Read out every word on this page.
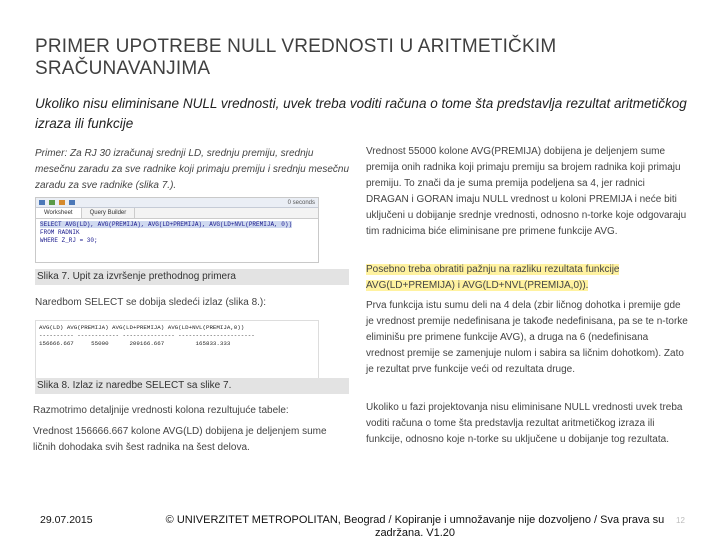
PRIMER UPOTREBE NULL VREDNOSTI U ARITMETIČKIM SRAČUNAVANJIMA
Ukoliko nisu eliminisane NULL vrednosti, uvek treba voditi računa o tome šta predstavlja rezultat aritmetičkog izraza ili funkcije

Primer: Za RJ 30 izračunaj srednji LD, srednju premiju, srednju mesečnu zaradu za sve radnike koji primaju premiju i srednju mesečnu zaradu za sve radnike (slika 7.).

0 seconds
Worksheet	Query Builder
SELECT AVG(LD), AVG(PREMIJA), AVG(LD+PREMIJA), AVG(LD+NVL(PREMIJA, 0))
FROM RADNIK
WHERE Z_RJ = 30;
Slika 7. Upit za izvršenje prethodnog primera

Naredbom SELECT se dobija sledeći izlaz (slika 8.):

AVG(LD) AVG(PREMIJA) AVG(LD+PREMIJA) AVG(LD+NVL(PREMIJA,0))
---------- ------------ --------------- ----------------------
156666.667     55000      209166.667         165833.333
Slika 8. Izlaz iz naredbe SELECT sa slike 7.

Razmotrimo detaljnije vrednosti kolona rezultujuće tabele:

Vrednost 156666.667 kolone AVG(LD) dobijena je deljenjem sume ličnih dohodaka svih šest radnika na šest delova.

Vrednost 55000 kolone AVG(PREMIJA) dobijena je deljenjem sume premija onih radnika koji primaju premiju sa brojem radnika koji primaju premiju. To znači da je suma premija podeljena sa 4, jer radnici DRAGAN i GORAN imaju NULL vrednost u koloni PREMIJA i neće biti uključeni u dobijanje srednje vrednosti, odnosno n-torke koje odgovaraju tim radnicima biće eliminisane pre primene funkcije AVG.

Posebno treba obratiti pažnju na razliku rezultata funkcije AVG(LD+PREMIJA) i AVG(LD+NVL(PREMIJA,0)).

Prva funkcija istu sumu deli na 4 dela (zbir ličnog dohotka i premije gde je vrednost premije nedefinisana je takođe nedefinisana, pa se te n-torke eliminišu pre primene funkcije AVG), a druga na 6 (nedefinisana vrednost premije se zamenjuje nulom i sabira sa ličnim dohotkom). Zato je rezultat prve funkcije veći od rezultata druge.

Ukoliko u fazi projektovanja nisu eliminisane NULL vrednosti uvek treba voditi računa o tome šta predstavlja rezultat aritmetičkog izraza ili funkcije, odnosno koje n-torke su uključene u dobijanje tog rezultata.

29.07.2015	© UNIVERZITET METROPOLITAN, Beograd / Kopiranje i umnožavanje nije dozvoljeno / Sva prava su zadržana. V1.20
12
